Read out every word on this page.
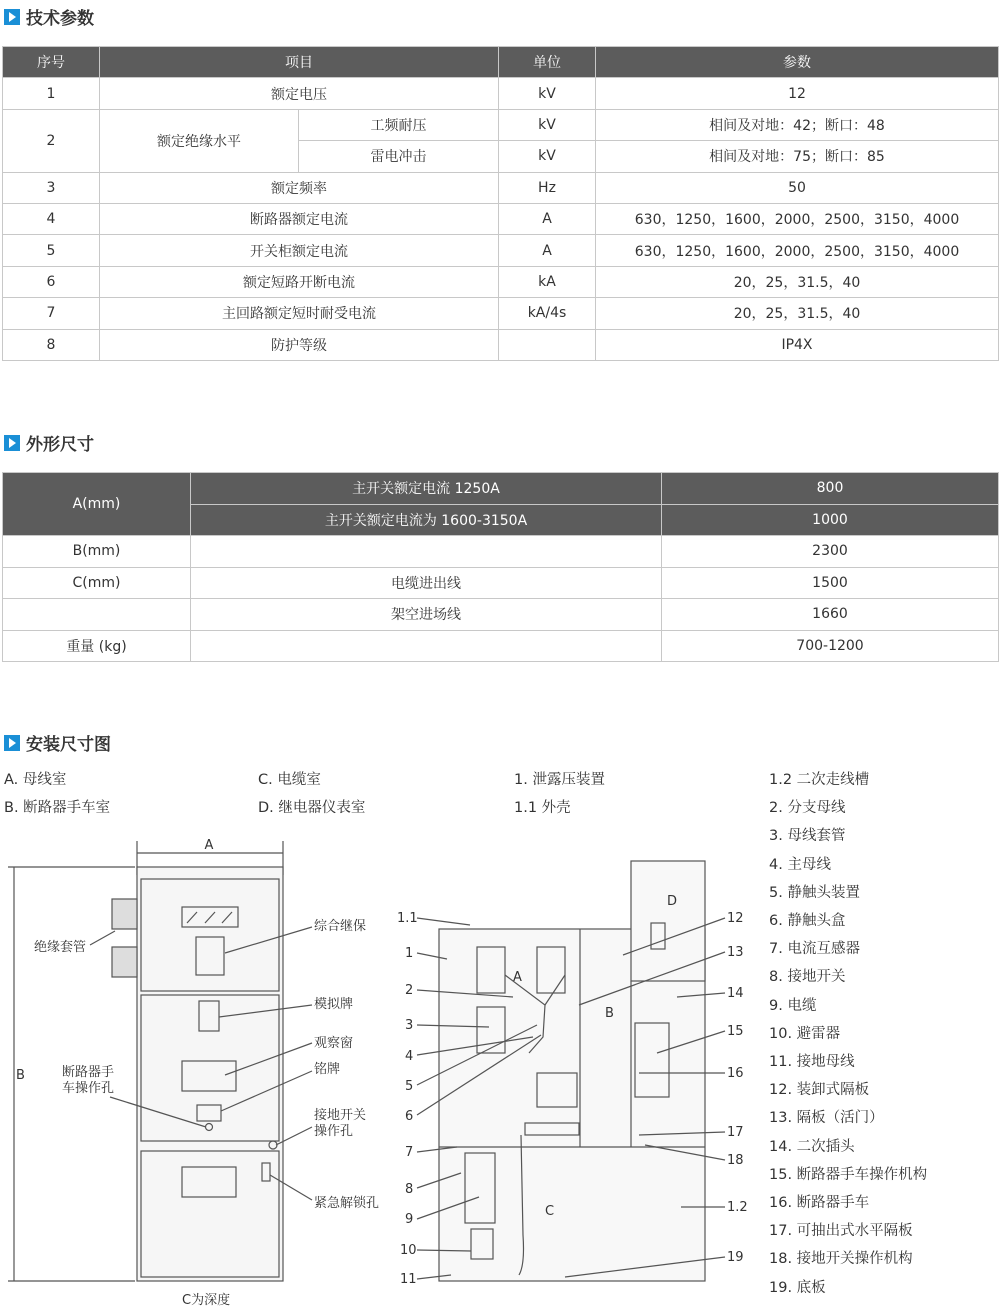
技术参数
序号	项目		单位	参数
1	额定电压		kV	12
2	额定绝缘水平	工频耐压	kV	相间及对地：42；断口：48
		雷电冲击	kV	相间及对地：75；断口：85
3	额定频率		Hz	50
4	断路器额定电流		A	630，1250，1600，2000，2500，3150，4000
5	开关柜额定电流		A	630，1250，1600，2000，2500，3150，4000
6	额定短路开断电流		kA	20，25，31.5，40
7	主回路额定短时耐受电流		kA/4s	20，25，31.5，40
8	防护等级			IP4X
外形尺寸
A(mm)	主开关额定电流 1250A	800
	主开关额定电流为 1600-3150A	1000
B(mm)		2300
C(mm)	电缆进出线	1500
	架空进场线	1660
重量 (kg)		700-1200
安装尺寸图
A. 母线室
B. 断路器手车室
C. 电缆室
D. 继电器仪表室
1. 泄露压装置
1.1 外壳
1.2 二次走线槽
2. 分支母线
3. 母线套管
4. 主母线
5. 静触头装置
6. 静触头盒
7. 电流互感器
8. 接地开关
9. 电缆
10. 避雷器
11. 接地母线
12. 装卸式隔板
13. 隔板（活门）
14. 二次插头
15. 断路器手车操作机构
16. 断路器手车
17. 可抽出式水平隔板
18. 接地开关操作机构
19. 底板
A
B
绝缘套管
综合继保
模拟牌
观察窗
铭牌
断路器手
车操作孔
接地开关
操作孔
紧急解锁孔
C为深度
A
B
C
D
1.1
1
2
3
4
5
6
7
8
9
10
11
12
13
14
15
16
17
18
1.2
19
